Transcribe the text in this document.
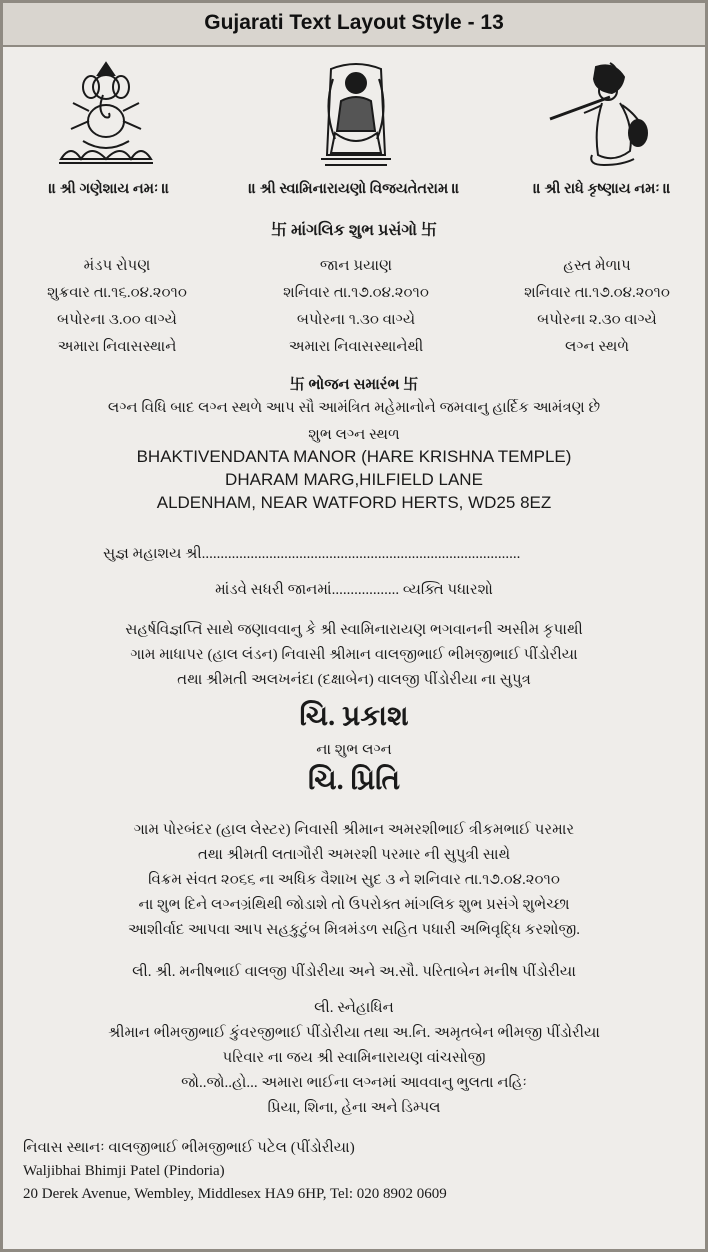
Gujarati Text Layout Style - 13
॥ શ્રી ગણેશાય નમઃ ॥	॥ શ્રી સ્વામિનારાયણો વિજયતેતરામ ॥	॥ શ્રી રાધે કૃષ્ણાય નમઃ ॥
卐 માંગલિક શુભ પ્રસંગો 卐
મંડપ રોપણ
શુક્રવાર તા.૧૬.૦૪.૨૦૧૦
બપોરના ૩.૦૦ વાગ્યે
અમારા નિવાસસ્થાને
જાન પ્રયાણ
શનિવાર તા.૧૭.૦૪.૨૦૧૦
બપોરના ૧.૩૦ વાગ્યે
અમારા નિવાસસ્થાનેથી
હસ્ત મેળાપ
શનિવાર તા.૧૭.૦૪.૨૦૧૦
બપોરના ૨.૩૦ વાગ્યે
લગ્ન સ્થળે
卐 ભોજન સમારંભ 卐
લગ્ન વિધિ બાદ લગ્ન સ્થળે આપ સૌ આમંત્રિત મહેમાનોને જમવાનુ હાર્દિક આમંત્રણ છે
શુભ લગ્ન સ્થળ
BHAKTIVENDANTA MANOR (HARE KRISHNA TEMPLE)
DHARAM MARG,HILFIELD LANE
ALDENHAM, NEAR WATFORD HERTS, WD25 8EZ
સુજ્ઞ મહાશય શ્રી.....................................................................................
માંડવે સધરી જાનમાં.................. વ્યક્તિ પધારશો
સહર્ષવિજ્ઞપ્તિ સાથે જણાવવાનુ કે શ્રી સ્વામિનારાયણ ભગવાનની અસીમ કૃપાથી
ગામ માધાપર (હાલ લંડન) નિવાસી શ્રીમાન વાલજીભાઈ ભીમજીભાઈ પીંડોરીયા
તથા શ્રીમતી અલખનંદા (દક્ષાબેન) વાલજી પીંડોરીયા ના સુપુત્ર
ચિ. પ્રકાશ
ના શુભ લગ્ન
ચિ. પ્રિતિ
ગામ પોરબંદર (હાલ લેસ્ટર) નિવાસી શ્રીમાન અમરશીભાઈ ત્રીકમભાઈ પરમાર
તથા શ્રીમતી લતાગૌરી અમરશી પરમાર ની સુપુત્રી સાથે
વિક્રમ સંવત ૨૦૬૬ ના અધિક વૈશાખ સુદ ૩ ને શનિવાર તા.૧૭.૦૪.૨૦૧૦
ના શુભ દિને લગ્નગ્રંથિથી જોડાશે તો ઉપરોક્ત માંગલિક શુભ પ્રસંગે શુભેચ્છા
આશીર્વાદ આપવા આપ સહકુટુંબ મિત્રમંડળ સહિત પધારી અભિવૃદ્ધિ કરશોજી.
લી. શ્રી. મનીષભાઈ વાલજી પીંડોરીયા અને અ.સૌ. પરિતાબેન મનીષ પીંડોરીયા
લી. સ્નેહાધિન
શ્રીમાન ભીમજીભાઈ કુંવરજીભાઈ પીંડોરીયા તથા અ.નિ. અમૃતબેન ભીમજી પીંડોરીયા
પરિવાર ના જય શ્રી સ્વામિનારાયણ વાંચસોજી
જો..જો..હો... અમારા ભાઈના લગ્નમાં આવવાનુ ભુલતા નહિઃ
પ્રિયા, શિના, હેના અને ડિમ્પલ
નિવાસ સ્થાનઃ વાલજીભાઈ ભીમજીભાઈ પટેલ (પીંડોરીયા)
Waljibhai Bhimji Patel (Pindoria)
20 Derek Avenue, Wembley, Middlesex HA9 6HP, Tel: 020 8902 0609
